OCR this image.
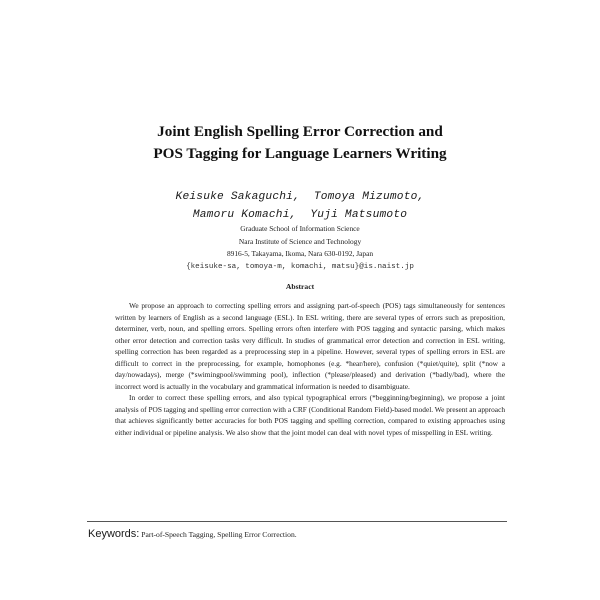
Joint English Spelling Error Correction and
POS Tagging for Language Learners Writing
Keisuke Sakaguchi,  Tomoya Mizumoto,
Mamoru Komachi,  Yuji Matsumoto
Graduate School of Information Science
Nara Institute of Science and Technology
8916-5, Takayama, Ikoma, Nara 630-0192, Japan
{keisuke-sa, tomoya-m, komachi, matsu}@is.naist.jp
Abstract

We propose an approach to correcting spelling errors and assigning part-of-speech (POS) tags simultaneously for sentences written by learners of English as a second language (ESL). In ESL writing, there are several types of errors such as preposition, determiner, verb, noun, and spelling errors. Spelling errors often interfere with POS tagging and syntactic parsing, which makes other error detection and correction tasks very difficult. In studies of grammatical error detection and correction in ESL writing, spelling correction has been regarded as a preprocessing step in a pipeline. However, several types of spelling errors in ESL are difficult to correct in the preprocessing, for example, homophones (e.g. *hear/here), confusion (*quiet/quite), split (*now a day/nowadays), merge (*swimingpool/swimming pool), inflection (*please/pleased) and derivation (*badly/bad), where the incorrect word is actually in the vocabulary and grammatical information is needed to disambiguate.

In order to correct these spelling errors, and also typical typographical errors (*begginning/beginning), we propose a joint analysis of POS tagging and spelling error correction with a CRF (Conditional Random Field)-based model. We present an approach that achieves significantly better accuracies for both POS tagging and spelling correction, compared to existing approaches using either individual or pipeline analysis. We also show that the joint model can deal with novel types of misspelling in ESL writing.

Keywords: Part-of-Speech Tagging, Spelling Error Correction.
